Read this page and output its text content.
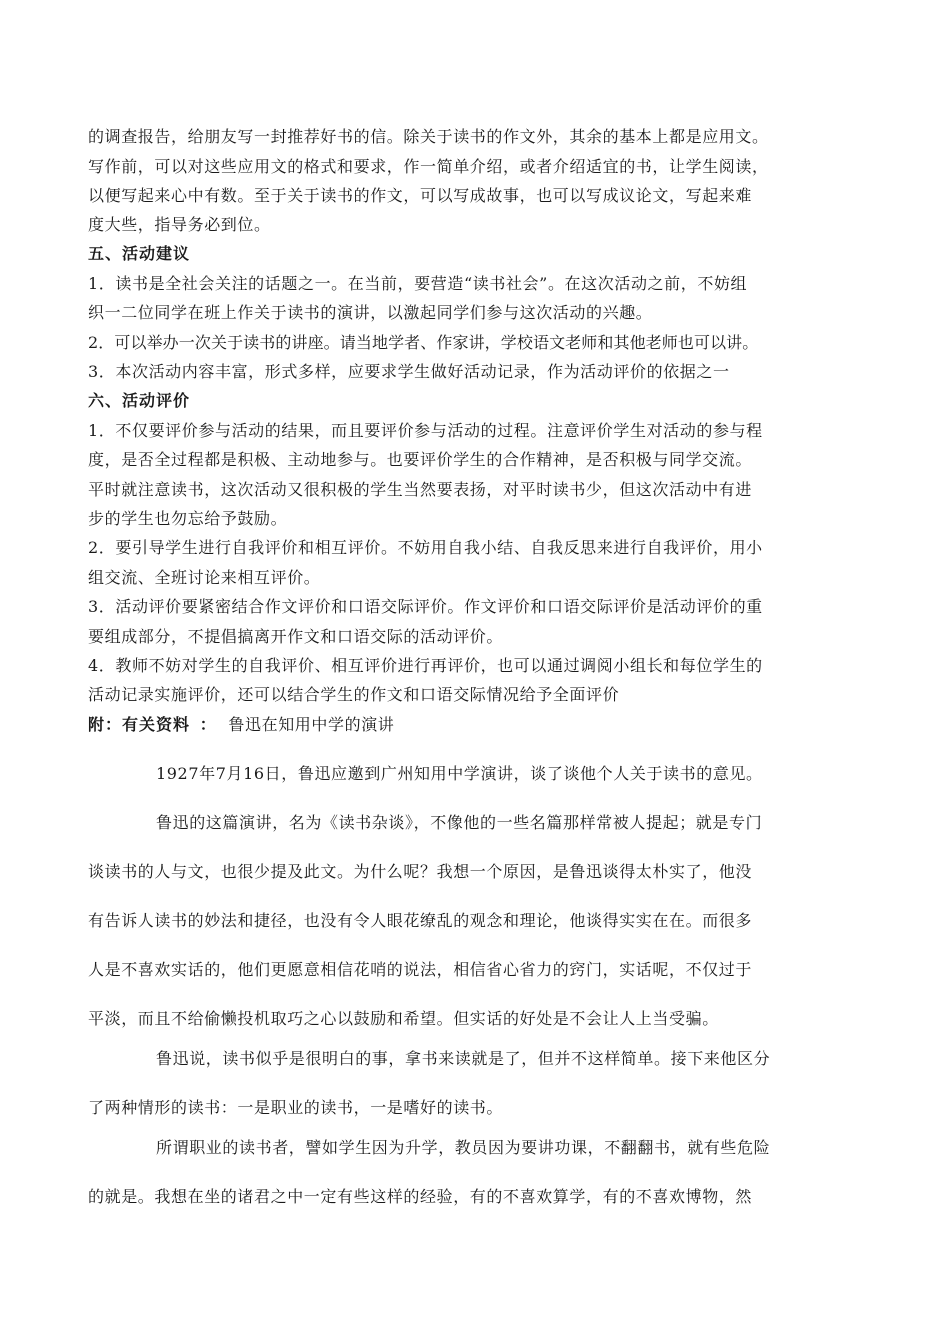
的调查报告，给朋友写一封推荐好书的信。除关于读书的作文外，其余的基本上都是应用文。

写作前，可以对这些应用文的格式和要求，作一简单介绍，或者介绍适宜的书，让学生阅读，

以便写起来心中有数。至于关于读书的作文，可以写成故事，也可以写成议论文，写起来难

度大些，指导务必到位。

五、活动建议

1．读书是全社会关注的话题之一。在当前，要营造“读书社会”。在这次活动之前，不妨组

织一二位同学在班上作关于读书的演讲，以激起同学们参与这次活动的兴趣。

2．可以举办一次关于读书的讲座。请当地学者、作家讲，学校语文老师和其他老师也可以讲。

3．本次活动内容丰富，形式多样，应要求学生做好活动记录，作为活动评价的依据之一

六、活动评价

1．不仅要评价参与活动的结果，而且要评价参与活动的过程。注意评价学生对活动的参与程

度，是否全过程都是积极、主动地参与。也要评价学生的合作精神，是否积极与同学交流。

平时就注意读书，这次活动又很积极的学生当然要表扬，对平时读书少，但这次活动中有进

步的学生也勿忘给予鼓励。

2．要引导学生进行自我评价和相互评价。不妨用自我小结、自我反思来进行自我评价，用小

组交流、全班讨论来相互评价。

3．活动评价要紧密结合作文评价和口语交际评价。作文评价和口语交际评价是活动评价的重

要组成部分，不提倡搞离开作文和口语交际的活动评价。

4．教师不妨对学生的自我评价、相互评价进行再评价，也可以通过调阅小组长和每位学生的

活动记录实施评价，还可以结合学生的作文和口语交际情况给予全面评价

附：有关资料 ： 鲁迅在知用中学的演讲

1927年7月16日，鲁迅应邀到广州知用中学演讲，谈了谈他个人关于读书的意见。

鲁迅的这篇演讲，名为《读书杂谈》，不像他的一些名篇那样常被人提起；就是专门

谈读书的人与文，也很少提及此文。为什么呢？我想一个原因，是鲁迅谈得太朴实了，他没

有告诉人读书的妙法和捷径，也没有令人眼花缭乱的观念和理论，他谈得实实在在。而很多

人是不喜欢实话的，他们更愿意相信花哨的说法，相信省心省力的窍门，实话呢，不仅过于

平淡，而且不给偷懒投机取巧之心以鼓励和希望。但实话的好处是不会让人上当受骗。

鲁迅说，读书似乎是很明白的事，拿书来读就是了，但并不这样简单。接下来他区分

了两种情形的读书：一是职业的读书，一是嗜好的读书。

所谓职业的读书者，譬如学生因为升学，教员因为要讲功课，不翻翻书，就有些危险

的就是。我想在坐的诸君之中一定有些这样的经验，有的不喜欢算学，有的不喜欢博物，然
